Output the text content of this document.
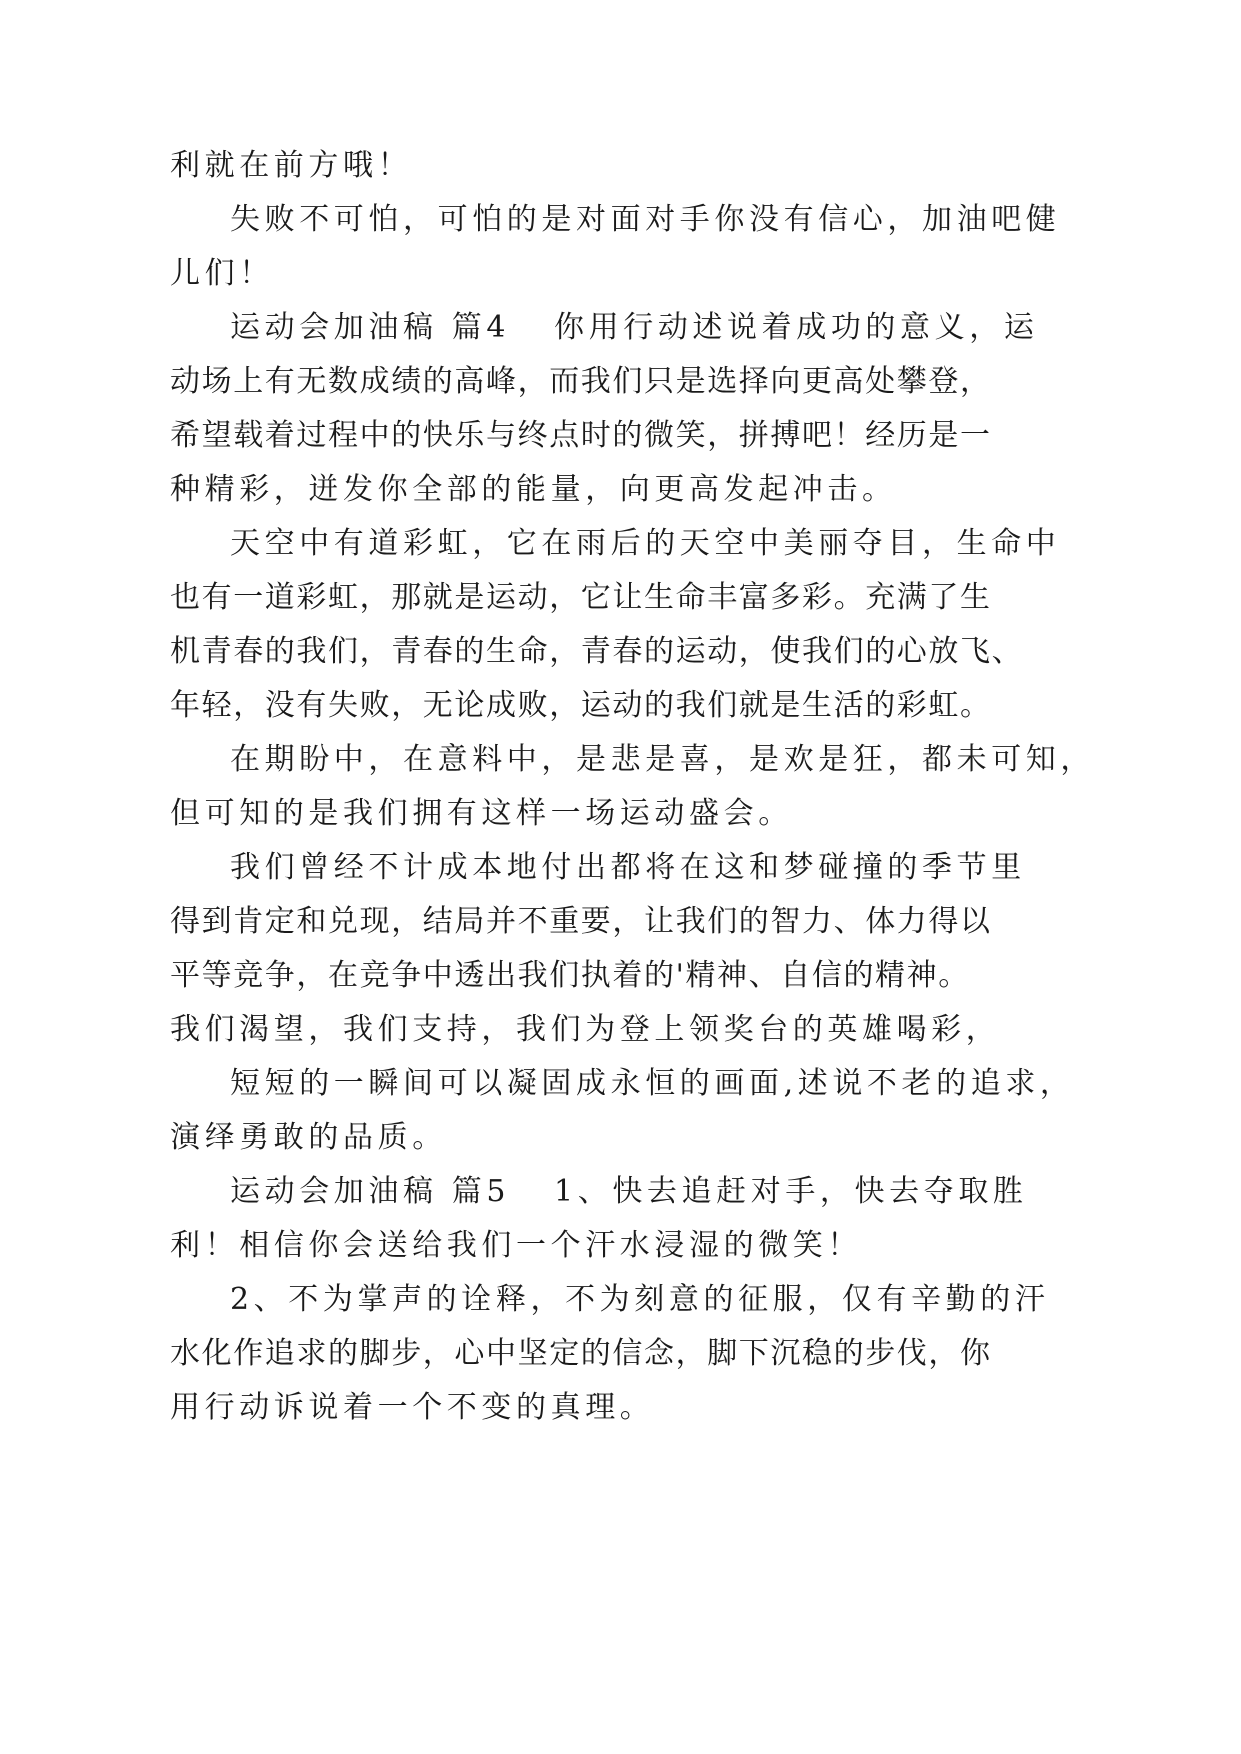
利就在前方哦！
失败不可怕，可怕的是对面对手你没有信心，加油吧健
儿们！
运动会加油稿 篇4 你用行动述说着成功的意义，运
动场上有无数成绩的高峰，而我们只是选择向更高处攀登，
希望载着过程中的快乐与终点时的微笑，拼搏吧！经历是一
种精彩，迸发你全部的能量，向更高发起冲击。
天空中有道彩虹，它在雨后的天空中美丽夺目，生命中
也有一道彩虹，那就是运动，它让生命丰富多彩。充满了生
机青春的我们，青春的生命，青春的运动，使我们的心放飞、
年轻，没有失败，无论成败，运动的我们就是生活的彩虹。
在期盼中，在意料中，是悲是喜，是欢是狂，都未可知，
但可知的是我们拥有这样一场运动盛会。
我们曾经不计成本地付出都将在这和梦碰撞的季节里
得到肯定和兑现，结局并不重要，让我们的智力、体力得以
平等竞争，在竞争中透出我们执着的'精神、自信的精神。
我们渴望，我们支持，我们为登上领奖台的英雄喝彩，
短短的一瞬间可以凝固成永恒的画面,述说不老的追求，
演绎勇敢的品质。
运动会加油稿 篇5 1、快去追赶对手，快去夺取胜
利！相信你会送给我们一个汗水浸湿的微笑！
2、不为掌声的诠释，不为刻意的征服，仅有辛勤的汗
水化作追求的脚步，心中坚定的信念，脚下沉稳的步伐，你
用行动诉说着一个不变的真理。
